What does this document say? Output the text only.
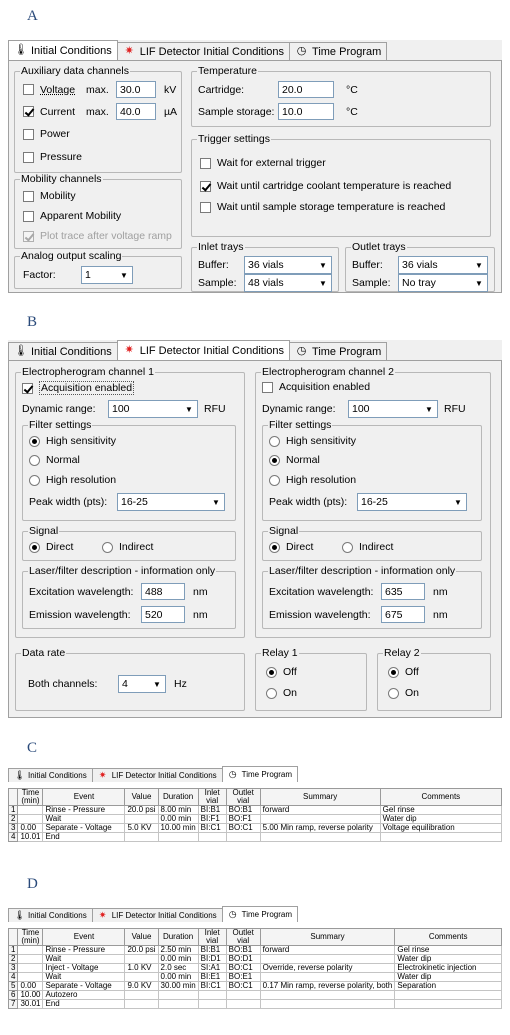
A
🌡 Initial Conditions ✷ LIF Detector Initial Conditions ◷ Time Program
Auxiliary data channels
Voltage	max.	30.0	kV
Current	max.	40.0	µA
Power
Pressure
Mobility channels
Mobility
Apparent Mobility
Plot trace after voltage ramp
Analog output scaling
Factor:	1	▼
Temperature
Cartridge:	20.0	°C
Sample storage: 10.0	°C
Trigger settings
Wait for external trigger
Wait until cartridge coolant temperature is reached
Wait until sample storage temperature is reached
Inlet trays
Buffer:	36 vials	▼
Sample:	48 vials	▼
Outlet trays
Buffer:	36 vials	▼
Sample:	No tray	▼
B
🌡 Initial Conditions ✷ LIF Detector Initial Conditions ◷ Time Program
Electropherogram channel 1
Acquisition enabled
Dynamic range:	100	▼	RFU
Filter settings
High sensitivity
Normal
High resolution
Peak width (pts):	16-25	▼
Signal
Direct	Indirect
Laser/filter description - information only
Excitation wavelength:	488	nm
Emission wavelength:	520	nm
Electropherogram channel 2
Acquisition enabled
Dynamic range:	100	▼	RFU
Filter settings
High sensitivity
Normal
High resolution
Peak width (pts):	16-25	▼
Signal
Direct	Indirect
Laser/filter description - information only
Excitation wavelength:	635	nm
Emission wavelength:	675	nm
Data rate
Both channels:	4	▼	Hz
Relay 1
Off
On
Relay 2
Off
On
C
🌡 Initial Conditions ✷ LIF Detector Initial Conditions ◷ Time Program
	Time (min)	Event	Value	Duration	Inlet vial	Outlet vial	Summary	Comments
1		Rinse - Pressure	20.0 psi	8.00 min	BI:B1	BO:B1	forward	Gel rinse
2		Wait		0.00 min	BI:F1	BO:F1		Water dip
3	0.00	Separate - Voltage	5.0 KV	10.00 min	BI:C1	BO:C1	5.00 Min ramp, reverse polarity	Voltage equilibration
4	10.01	End						
D
🌡 Initial Conditions ✷ LIF Detector Initial Conditions ◷ Time Program
	Time (min)	Event	Value	Duration	Inlet vial	Outlet vial	Summary	Comments
1		Rinse - Pressure	20.0 psi	2.50 min	BI:B1	BO:B1	forward	Gel rinse
2		Wait		0.00 min	BI:D1	BO:D1		Water dip
3		Inject - Voltage	1.0 KV	2.0 sec	SI:A1	BO:C1	Override, reverse polarity	Electrokinetic injection
4		Wait		0.00 min	BI:E1	BO:E1		Water dip
5	0.00	Separate - Voltage	9.0 KV	30.00 min	BI:C1	BO:C1	0.17 Min ramp, reverse polarity, both	Separation
6	10.00	Autozero						
7	30.01	End						
